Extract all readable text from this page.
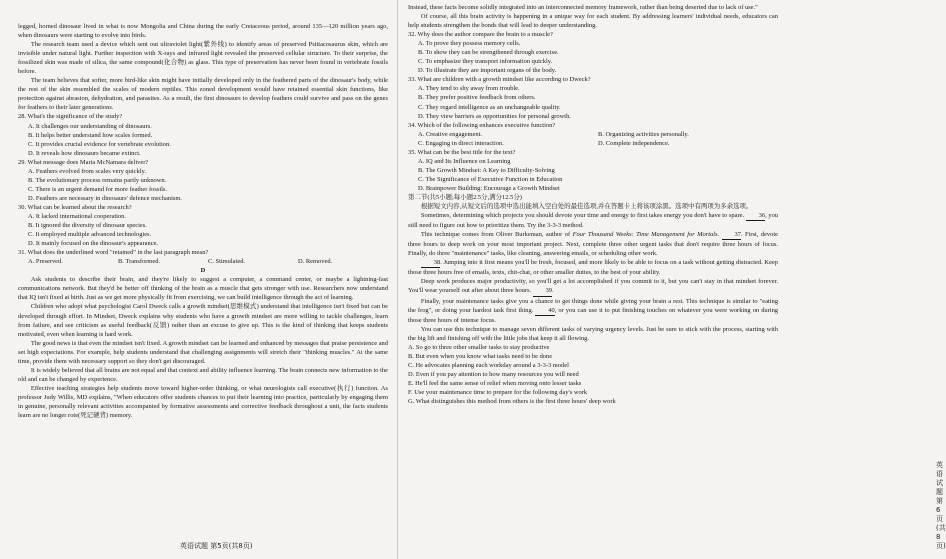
legged, horned dinosaur lived in what is now Mongolia and China during the early Cretaceous period, around 135—120 million years ago, when dinosaurs were starting to evolve into birds.

The research team used a device which sent out ultraviolet light(紫外线) to identify areas of preserved Psittacosaurus skin, which are invisible under natural light. Further inspection with X-rays and infrared light revealed the preserved cellular structure. To their surprise, the fossilized skin was made of silica, the same compound(化合物) as glass. This type of preservation has never been found in vertebrate fossils before.

The team believes that softer, more bird-like skin might have initially developed only in the feathered parts of the dinosaur's body, while the rest of the skin resembled the scales of modern reptiles. This zoned development would have retained essential skin functions, like protection against abrasion, dehydration, and parasites. As a result, the first dinosaurs to develop feathers could survive and pass on the genes for feathers to their later generations.

28. What's the significance of the study?

A. It challenges our understanding of dinosaurs.

B. It helps better understand how scales formed.

C. It provides crucial evidence for vertebrate evolution.

D. It reveals how dinosaurs became extinct.

29. What message does Maria McNamara deliver?

A. Feathers evolved from scales very quickly.

B. The evolutionary process remains partly unknown.

C. There is an urgent demand for more feather fossils.

D. Feathers are necessary in dinosaurs' defence mechanism.

30. What can be learned about the research?

A. It lacked international cooperation.

B. It ignored the diversity of dinosaur species.

C. It employed multiple advanced technologies.

D. It mainly focused on the dinosaur's appearance.

31. What does the underlined word "retained" in the last paragraph mean?

A. Preserved.	B. Transformed.	C. Stimulated.	D. Removed.

D

Ask students to describe their brain, and they're likely to suggest a computer, a command center, or maybe a lightning-fast communications network. But they'd be better off thinking of the brain as a muscle that gets stronger with use. Researchers now understand that IQ isn't fixed at birth. Just as we get more physically fit from exercising, we can build intelligence through the act of learning.

Children who adopt what psychologist Carol Dweck calls a growth mindset(思维模式) understand that intelligence isn't fixed but can be developed through effort. In Mindset, Dweck explains why students who have a growth mindset are more willing to tackle challenges, learn from failure, and see criticism as useful feedback(反馈) rather than an excuse to give up. This is the kind of thinking that keeps students motivated, even when learning is hard work.

The good news is that even the mindset isn't fixed. A growth mindset can be learned and enhanced by messages that praise persistence and set high expectations. For example, help students understand that challenging assignments will stretch their "thinking muscles." At the same time, provide them with necessary support so they don't get discouraged.

It is widely believed that all brains are not equal and that context and ability influence learning. The brain connects new information to the old and can be changed by experience.

Effective teaching strategies help students move toward higher-order thinking, or what neurologists call executive(执行) function. As professor Judy Willis, MD explains, "When educators offer students chances to put their learning into practice, particularly by engaging them in genuine, personally relevant activities accompanied by formative assessments and corrective feedback throughout a unit, the facts students learn are no longer rote(死记硬背) memory.

英语试题 第5页(共8页)

Instead, these facts become solidly integrated into an interconnected memory framework, rather than being deserted due to lack of use."

Of course, all this brain activity is happening in a unique way for each student. By addressing learners' individual needs, educators can help students strengthen the bonds that will lead to deeper understanding.

32. Why does the author compare the brain to a muscle?

A. To prove they possess memory cells.

B. To show they can be strengthened through exercise.

C. To emphasize they transport information quickly.

D. To illustrate they are important organs of the body.

33. What are children with a growth mindset like according to Dweck?

A. They tend to shy away from trouble.

B. They prefer positive feedback from others.

C. They regard intelligence as an unchangeable quality.

D. They view barriers as opportunities for personal growth.

34. Which of the following enhances executive function?

A. Creative engagement.	B. Organizing activities personally.
C. Engaging in direct interaction.	D. Complete independence.

35. What can be the best title for the text?

A. IQ and Its Influence on Learning

B. The Growth Mindset: A Key to Difficulty-Solving

C. The Significance of Executive Function in Education

D. Brainpower Building: Encourage a Growth Mindset

第二节(共5小题;每小题2.5分,满分12.5分)

根据短文内容,从短文后的选项中选出能填入空白处的最佳选项,并在答题卡上将该项涂黑。选项中有两项为多余选项。

Sometimes, determining which projects you should devote your time and energy to first takes energy you don't have to spare. 36, you still need to figure out how to prioritize them. Try the 3-3-3 method.

This technique comes from Oliver Burkeman, author of Four Thousand Weeks: Time Management for Mortals. 37. First, devote three hours to deep work on your most important project. Next, complete three other urgent tasks that don't require three hours of focus. Finally, do three "maintenance" tasks, like cleaning, answering emails, or scheduling other work.

38. Jumping into it first means you'll be fresh, focused, and more likely to be able to focus on a task without getting distracted. Keep those three hours free of emails, texts, chit-chat, or other smaller duties, to the best of your ability.

Deep work produces major productivity, so you'll get a lot accomplished if you commit to it, but you can't stay in that mindset forever. You'll wear yourself out after about three hours. 39.

Finally, your maintenance tasks give you a chance to get things done while giving your brain a rest. This technique is similar to "eating the frog", or doing your hardest task first thing. 40, or you can use it to put finishing touches on whatever you were working on during those three hours of intense focus.

You can use this technique to manage seven different tasks of varying urgency levels. Just be sure to stick with the process, starting with the big lift and finishing off with the little jobs that keep it all flowing.

A. So go to three other smaller tasks to stay productive

B. But even when you know what tasks need to be done

C. He advocates planning each workday around a 3-3-3 model

D. Even if you pay attention to how many resources you will need

E. He'll feel the same sense of relief when moving onto lesser tasks

F. Use your maintenance time to prepare for the following day's work

G. What distinguishes this method from others is the first three hours' deep work

英语试题 第6页(共8页)
